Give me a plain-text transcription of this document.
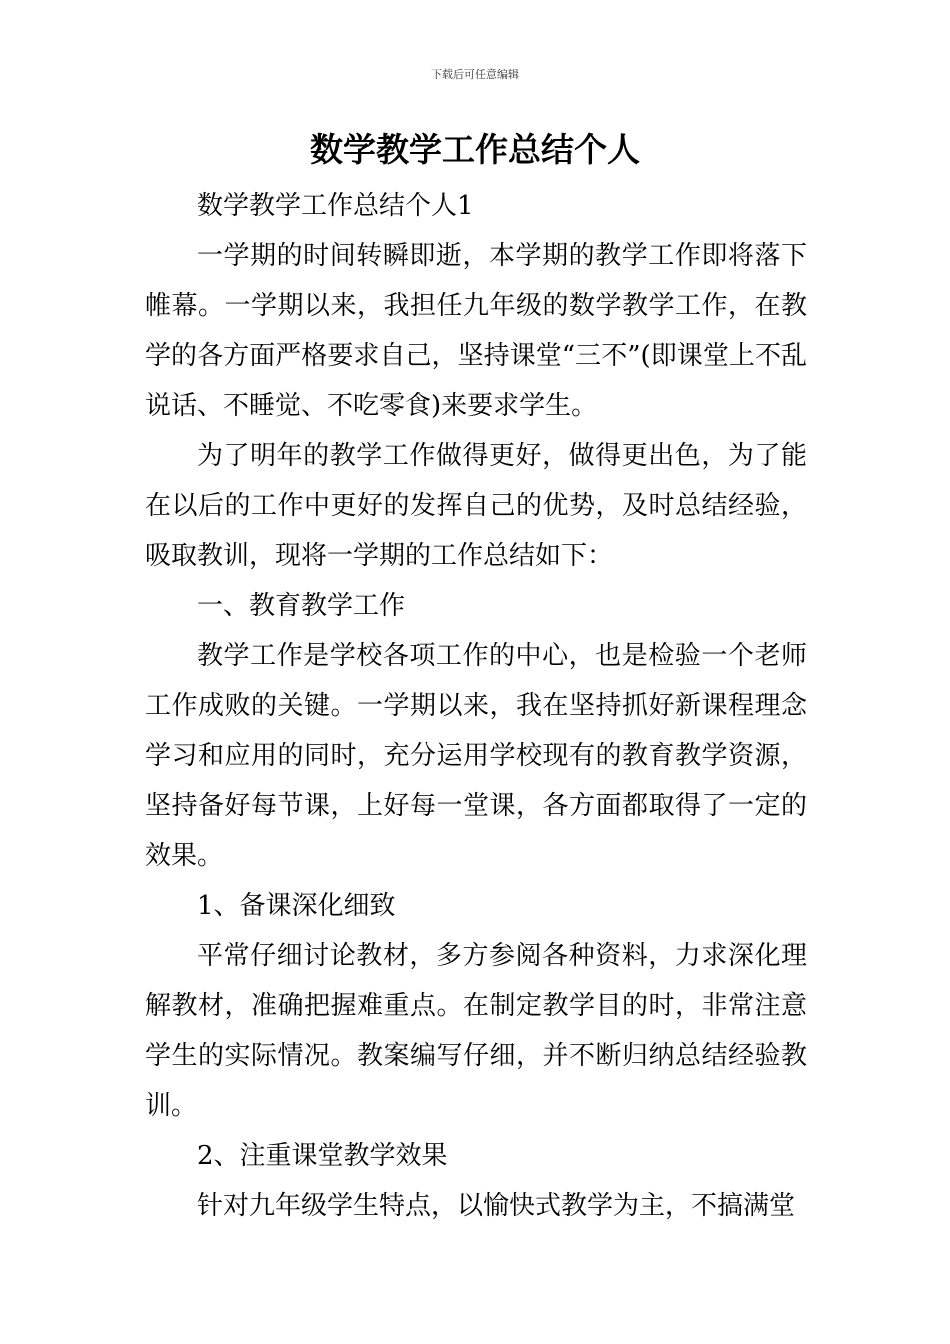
下载后可任意编辑
数学教学工作总结个人

数学教学工作总结个人1

一学期的时间转瞬即逝，本学期的教学工作即将落下帷幕。一学期以来，我担任九年级的数学教学工作，在教学的各方面严格要求自己，坚持课堂“三不”(即课堂上不乱说话、不睡觉、不吃零食)来要求学生。

为了明年的教学工作做得更好，做得更出色，为了能在以后的工作中更好的发挥自己的优势，及时总结经验，吸取教训，现将一学期的工作总结如下：

一、教育教学工作

教学工作是学校各项工作的中心，也是检验一个老师工作成败的关键。一学期以来，我在坚持抓好新课程理念学习和应用的同时，充分运用学校现有的教育教学资源，坚持备好每节课，上好每一堂课，各方面都取得了一定的效果。

1、备课深化细致

平常仔细讨论教材，多方参阅各种资料，力求深化理解教材，准确把握难重点。在制定教学目的时，非常注意学生的实际情况。教案编写仔细，并不断归纳总结经验教训。

2、注重课堂教学效果

针对九年级学生特点，以愉快式教学为主，不搞满堂
